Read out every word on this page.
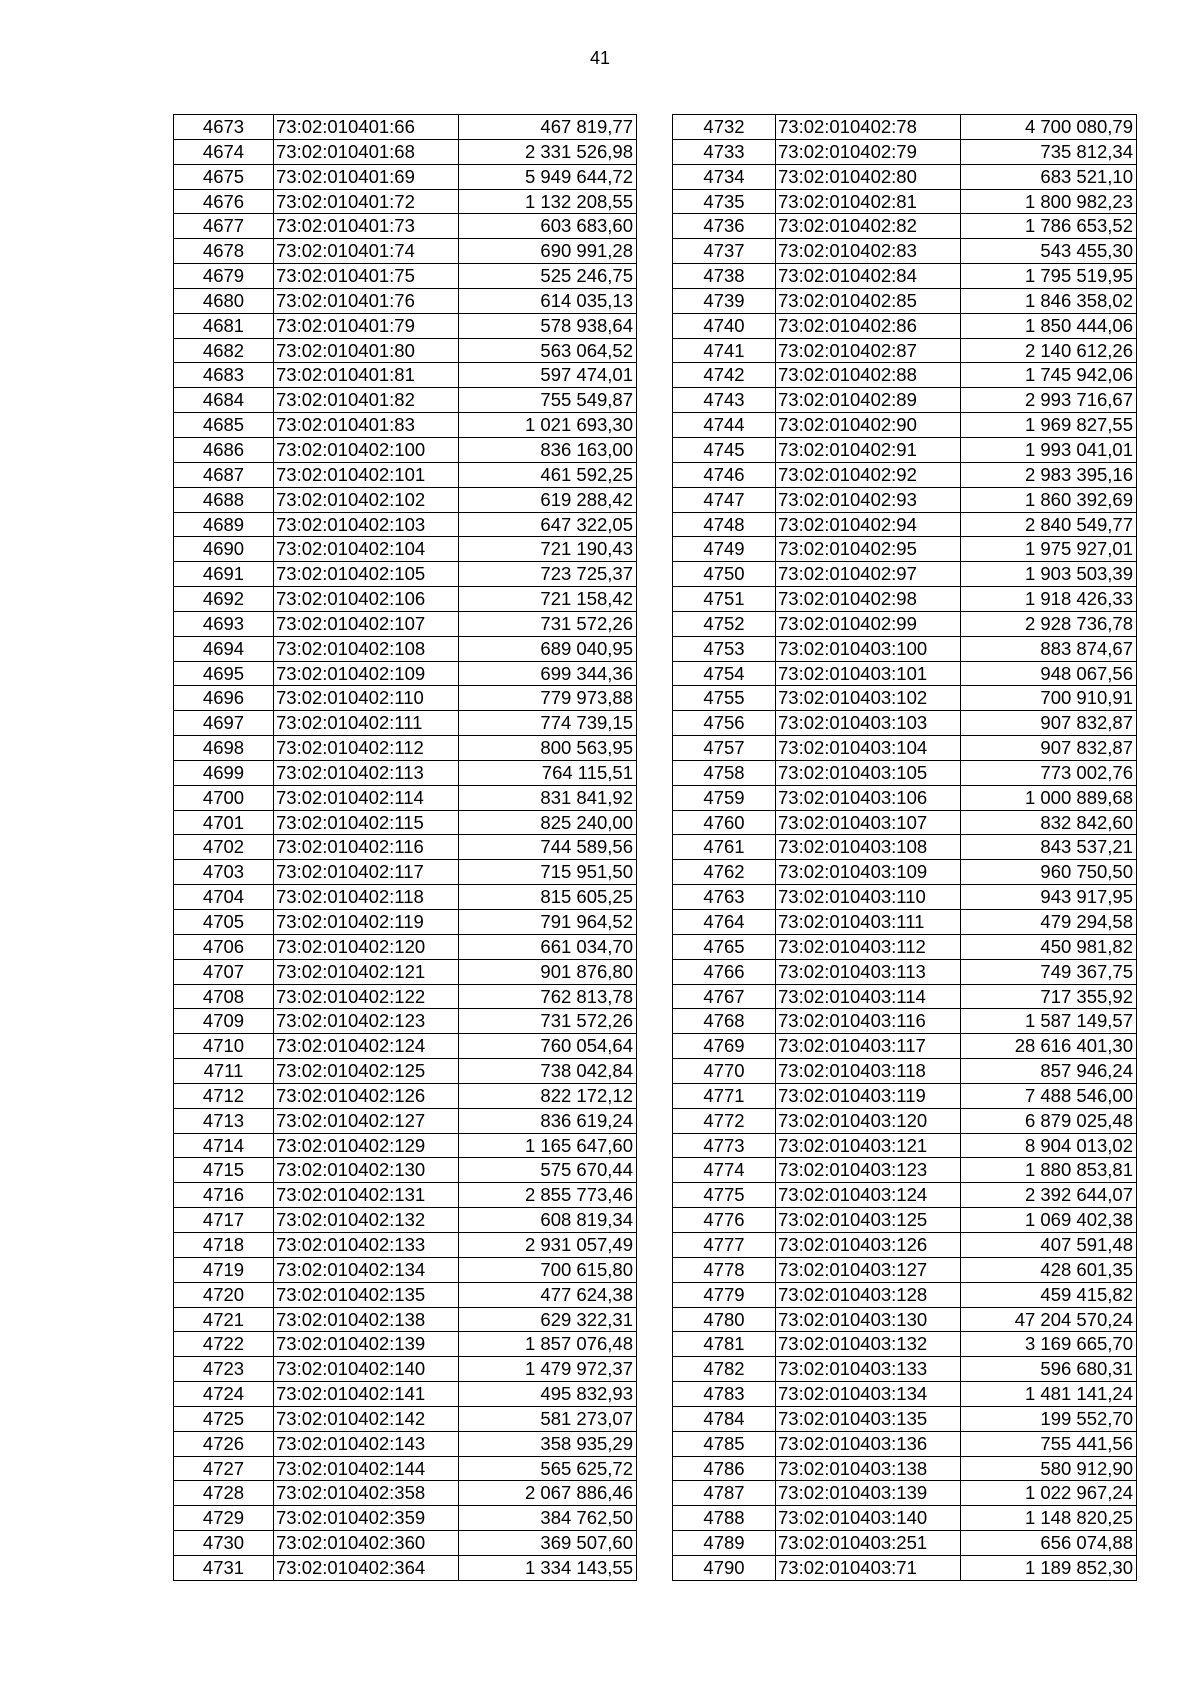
41
4673	73:02:010401:66	467 819,77
4674	73:02:010401:68	2 331 526,98
4675	73:02:010401:69	5 949 644,72
4676	73:02:010401:72	1 132 208,55
4677	73:02:010401:73	603 683,60
4678	73:02:010401:74	690 991,28
4679	73:02:010401:75	525 246,75
4680	73:02:010401:76	614 035,13
4681	73:02:010401:79	578 938,64
4682	73:02:010401:80	563 064,52
4683	73:02:010401:81	597 474,01
4684	73:02:010401:82	755 549,87
4685	73:02:010401:83	1 021 693,30
4686	73:02:010402:100	836 163,00
4687	73:02:010402:101	461 592,25
4688	73:02:010402:102	619 288,42
4689	73:02:010402:103	647 322,05
4690	73:02:010402:104	721 190,43
4691	73:02:010402:105	723 725,37
4692	73:02:010402:106	721 158,42
4693	73:02:010402:107	731 572,26
4694	73:02:010402:108	689 040,95
4695	73:02:010402:109	699 344,36
4696	73:02:010402:110	779 973,88
4697	73:02:010402:111	774 739,15
4698	73:02:010402:112	800 563,95
4699	73:02:010402:113	764 115,51
4700	73:02:010402:114	831 841,92
4701	73:02:010402:115	825 240,00
4702	73:02:010402:116	744 589,56
4703	73:02:010402:117	715 951,50
4704	73:02:010402:118	815 605,25
4705	73:02:010402:119	791 964,52
4706	73:02:010402:120	661 034,70
4707	73:02:010402:121	901 876,80
4708	73:02:010402:122	762 813,78
4709	73:02:010402:123	731 572,26
4710	73:02:010402:124	760 054,64
4711	73:02:010402:125	738 042,84
4712	73:02:010402:126	822 172,12
4713	73:02:010402:127	836 619,24
4714	73:02:010402:129	1 165 647,60
4715	73:02:010402:130	575 670,44
4716	73:02:010402:131	2 855 773,46
4717	73:02:010402:132	608 819,34
4718	73:02:010402:133	2 931 057,49
4719	73:02:010402:134	700 615,80
4720	73:02:010402:135	477 624,38
4721	73:02:010402:138	629 322,31
4722	73:02:010402:139	1 857 076,48
4723	73:02:010402:140	1 479 972,37
4724	73:02:010402:141	495 832,93
4725	73:02:010402:142	581 273,07
4726	73:02:010402:143	358 935,29
4727	73:02:010402:144	565 625,72
4728	73:02:010402:358	2 067 886,46
4729	73:02:010402:359	384 762,50
4730	73:02:010402:360	369 507,60
4731	73:02:010402:364	1 334 143,55
4732	73:02:010402:78	4 700 080,79
4733	73:02:010402:79	735 812,34
4734	73:02:010402:80	683 521,10
4735	73:02:010402:81	1 800 982,23
4736	73:02:010402:82	1 786 653,52
4737	73:02:010402:83	543 455,30
4738	73:02:010402:84	1 795 519,95
4739	73:02:010402:85	1 846 358,02
4740	73:02:010402:86	1 850 444,06
4741	73:02:010402:87	2 140 612,26
4742	73:02:010402:88	1 745 942,06
4743	73:02:010402:89	2 993 716,67
4744	73:02:010402:90	1 969 827,55
4745	73:02:010402:91	1 993 041,01
4746	73:02:010402:92	2 983 395,16
4747	73:02:010402:93	1 860 392,69
4748	73:02:010402:94	2 840 549,77
4749	73:02:010402:95	1 975 927,01
4750	73:02:010402:97	1 903 503,39
4751	73:02:010402:98	1 918 426,33
4752	73:02:010402:99	2 928 736,78
4753	73:02:010403:100	883 874,67
4754	73:02:010403:101	948 067,56
4755	73:02:010403:102	700 910,91
4756	73:02:010403:103	907 832,87
4757	73:02:010403:104	907 832,87
4758	73:02:010403:105	773 002,76
4759	73:02:010403:106	1 000 889,68
4760	73:02:010403:107	832 842,60
4761	73:02:010403:108	843 537,21
4762	73:02:010403:109	960 750,50
4763	73:02:010403:110	943 917,95
4764	73:02:010403:111	479 294,58
4765	73:02:010403:112	450 981,82
4766	73:02:010403:113	749 367,75
4767	73:02:010403:114	717 355,92
4768	73:02:010403:116	1 587 149,57
4769	73:02:010403:117	28 616 401,30
4770	73:02:010403:118	857 946,24
4771	73:02:010403:119	7 488 546,00
4772	73:02:010403:120	6 879 025,48
4773	73:02:010403:121	8 904 013,02
4774	73:02:010403:123	1 880 853,81
4775	73:02:010403:124	2 392 644,07
4776	73:02:010403:125	1 069 402,38
4777	73:02:010403:126	407 591,48
4778	73:02:010403:127	428 601,35
4779	73:02:010403:128	459 415,82
4780	73:02:010403:130	47 204 570,24
4781	73:02:010403:132	3 169 665,70
4782	73:02:010403:133	596 680,31
4783	73:02:010403:134	1 481 141,24
4784	73:02:010403:135	199 552,70
4785	73:02:010403:136	755 441,56
4786	73:02:010403:138	580 912,90
4787	73:02:010403:139	1 022 967,24
4788	73:02:010403:140	1 148 820,25
4789	73:02:010403:251	656 074,88
4790	73:02:010403:71	1 189 852,30
